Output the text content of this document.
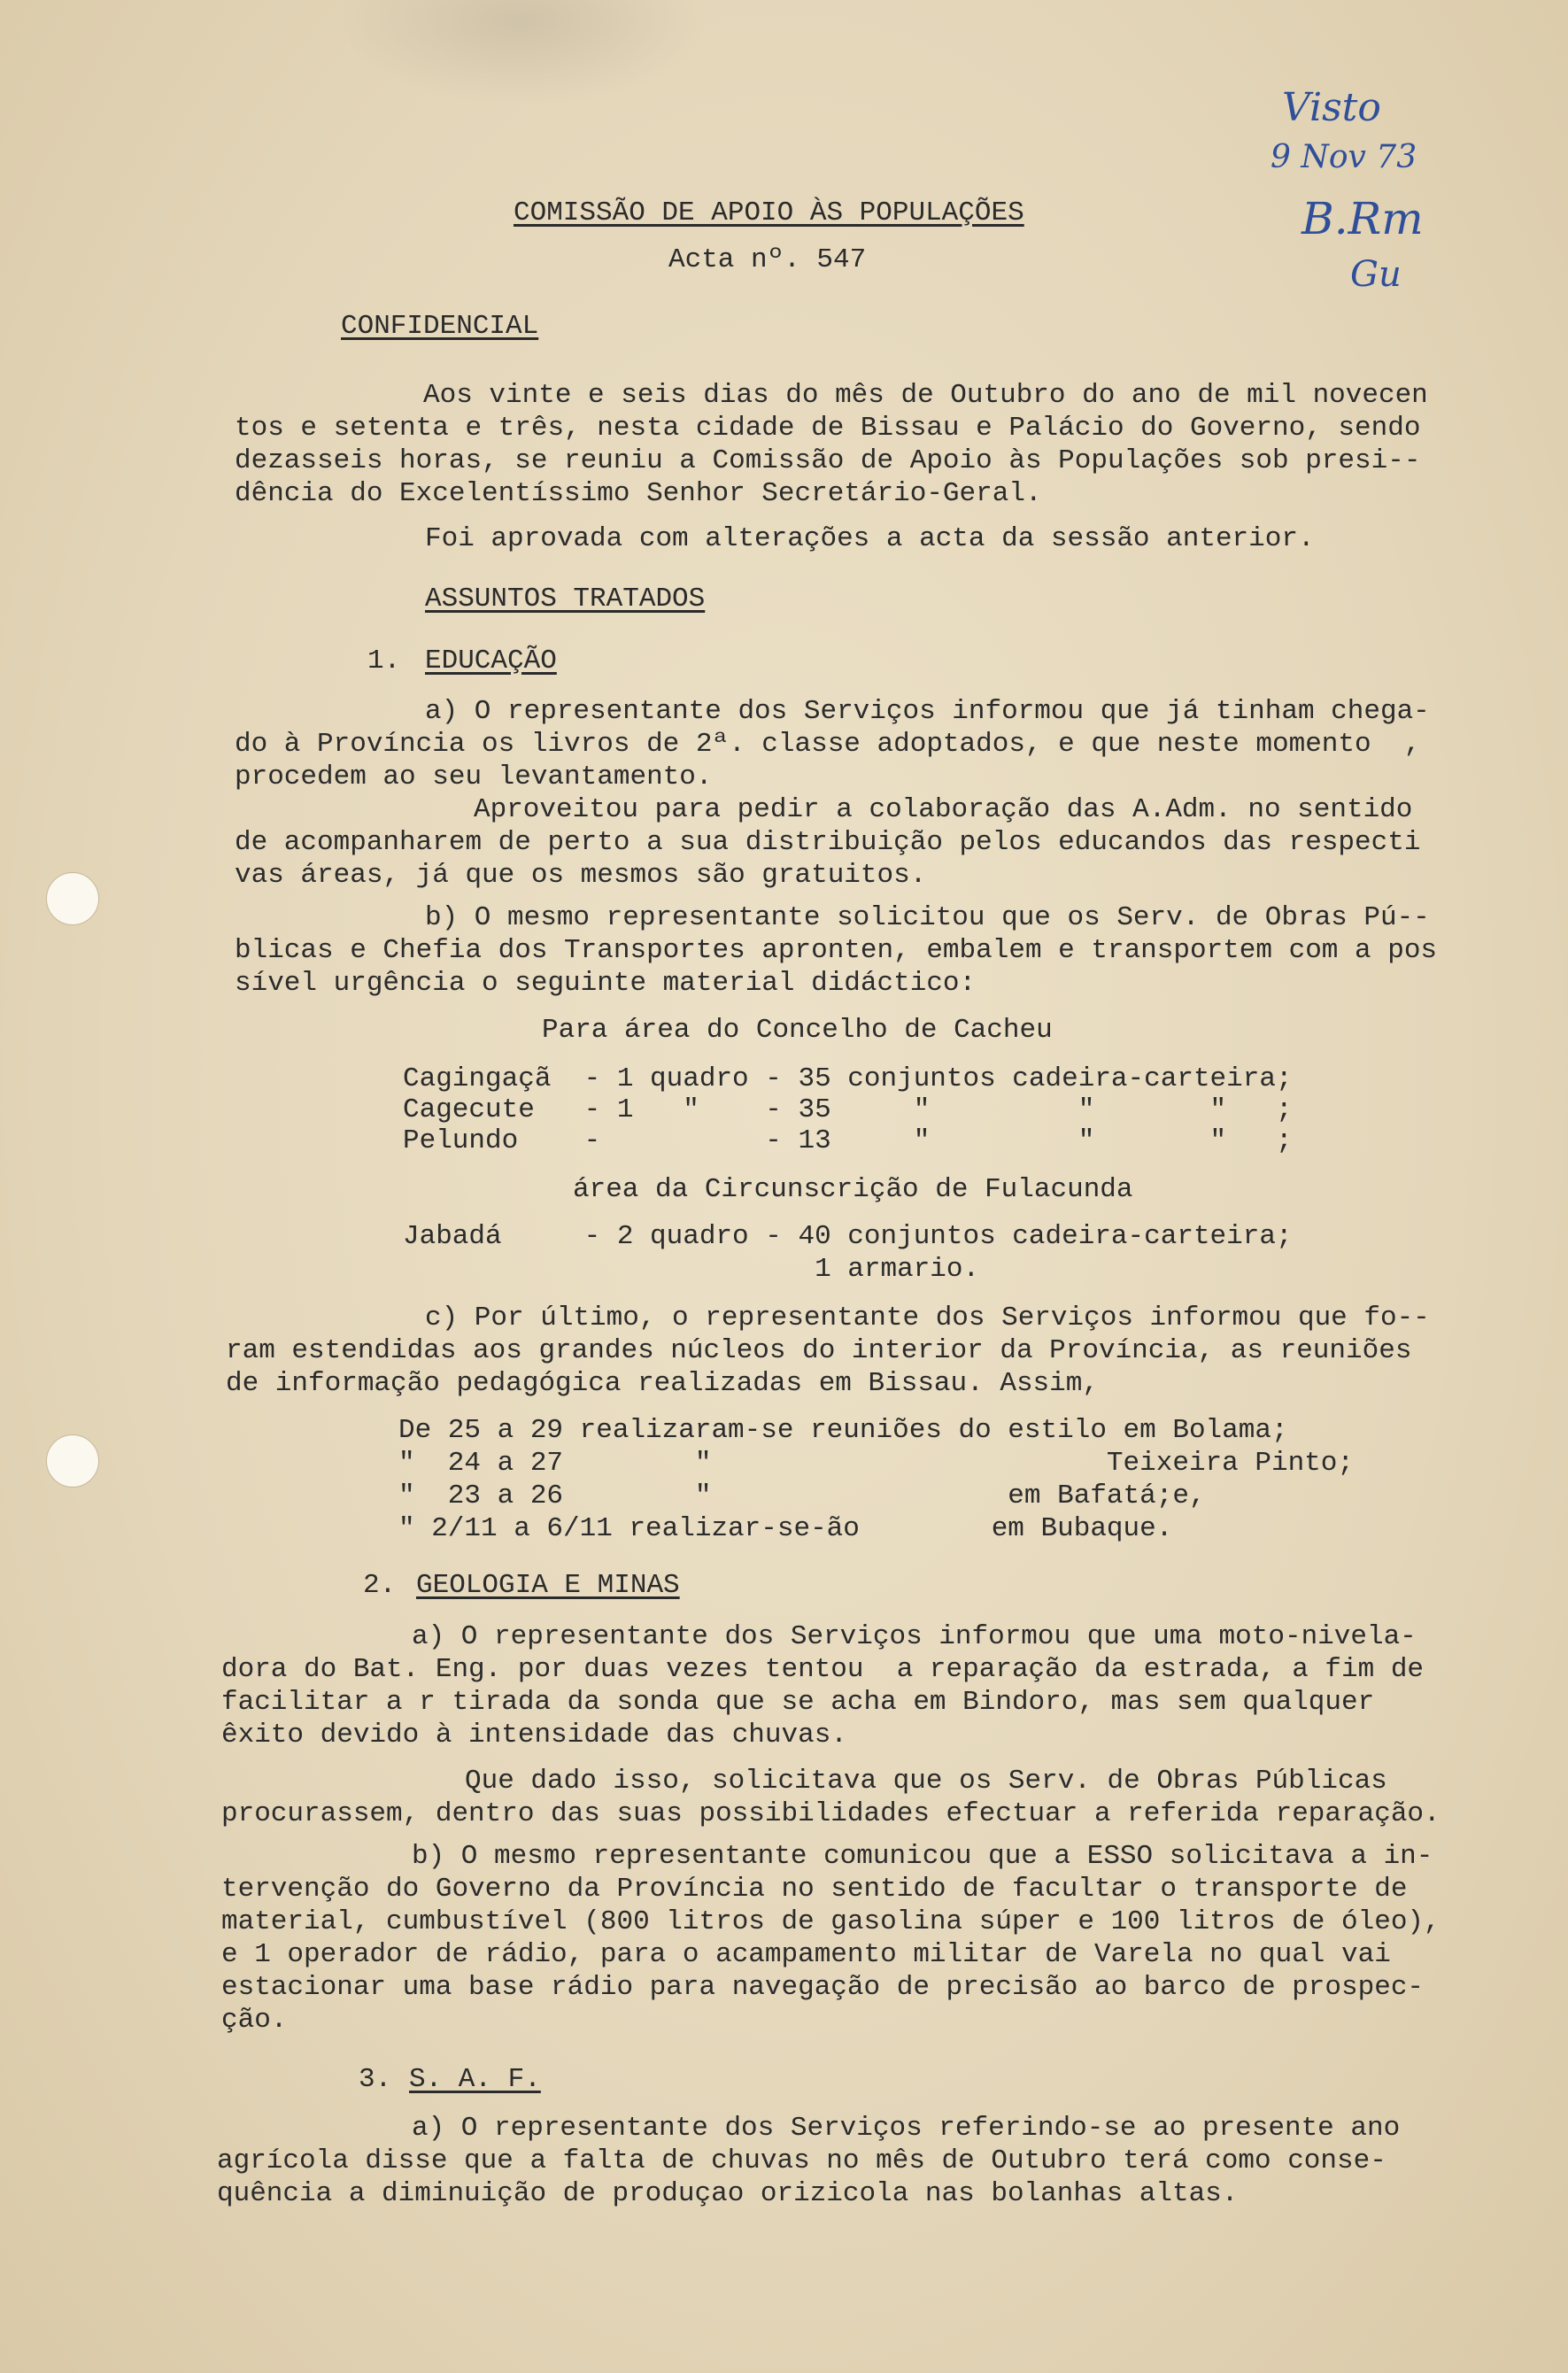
Visto
9 Nov 73
B.Rm
Gu
COMISSÃO DE APOIO ÀS POPULAÇÕES
Acta nº. 547
CONFIDENCIAL
Aos vinte e seis dias do mês de Outubro do ano de mil novecen
tos e setenta e três, nesta cidade de Bissau e Palácio do Governo, sendo
dezasseis horas, se reuniu a Comissão de Apoio às Populações sob presi--
dência do Excelentíssimo Senhor Secretário-Geral.
Foi aprovada com alterações a acta da sessão anterior.
ASSUNTOS TRATADOS
1. EDUCAÇÃO
a) O representante dos Serviços informou que já tinham chega-
do à Província os livros de 2ª. classe adoptados, e que neste momento  ,
procedem ao seu levantamento.
Aproveitou para pedir a colaboração das A.Adm. no sentido
de acompanharem de perto a sua distribuição pelos educandos das respecti
vas áreas, já que os mesmos são gratuitos.
b) O mesmo representante solicitou que os Serv. de Obras Pú--
blicas e Chefia dos Transportes apronten, embalem e transportem com a pos
sível urgência o seguinte material didáctico:
Para área do Concelho de Cacheu
Cagingaçã  - 1 quadro - 35 conjuntos cadeira-carteira;
Cagecute   - 1   "    - 35     "         "       "   ;
Pelundo    -          - 13     "         "       "   ;
área da Circunscrição de Fulacunda
Jabadá     - 2 quadro - 40 conjuntos cadeira-carteira;
1 armario.
c) Por último, o representante dos Serviços informou que fo--
ram estendidas aos grandes núcleos do interior da Província, as reuniões
de informação pedagógica realizadas em Bissau. Assim,
De 25 a 29 realizaram-se reuniões do estilo em Bolama;
"  24 a 27        "                        Teixeira Pinto;
"  23 a 26        "                  em Bafatá;e,
" 2/11 a 6/11 realizar-se-ão        em Bubaque.
2. GEOLOGIA E MINAS
a) O representante dos Serviços informou que uma moto-nivela-
dora do Bat. Eng. por duas vezes tentou  a reparação da estrada, a fim de
facilitar a r tirada da sonda que se acha em Bindoro, mas sem qualquer
êxito devido à intensidade das chuvas.
Que dado isso, solicitava que os Serv. de Obras Públicas
procurassem, dentro das suas possibilidades efectuar a referida reparação.
b) O mesmo representante comunicou que a ESSO solicitava a in-
tervenção do Governo da Província no sentido de facultar o transporte de
material, cumbustível (800 litros de gasolina súper e 100 litros de óleo),
e 1 operador de rádio, para o acampamento militar de Varela no qual vai
estacionar uma base rádio para navegação de precisão ao barco de prospec-
ção.
3. S. A. F.
a) O representante dos Serviços referindo-se ao presente ano
agrícola disse que a falta de chuvas no mês de Outubro terá como conse-
quência a diminuição de produçao orizicola nas bolanhas altas.
